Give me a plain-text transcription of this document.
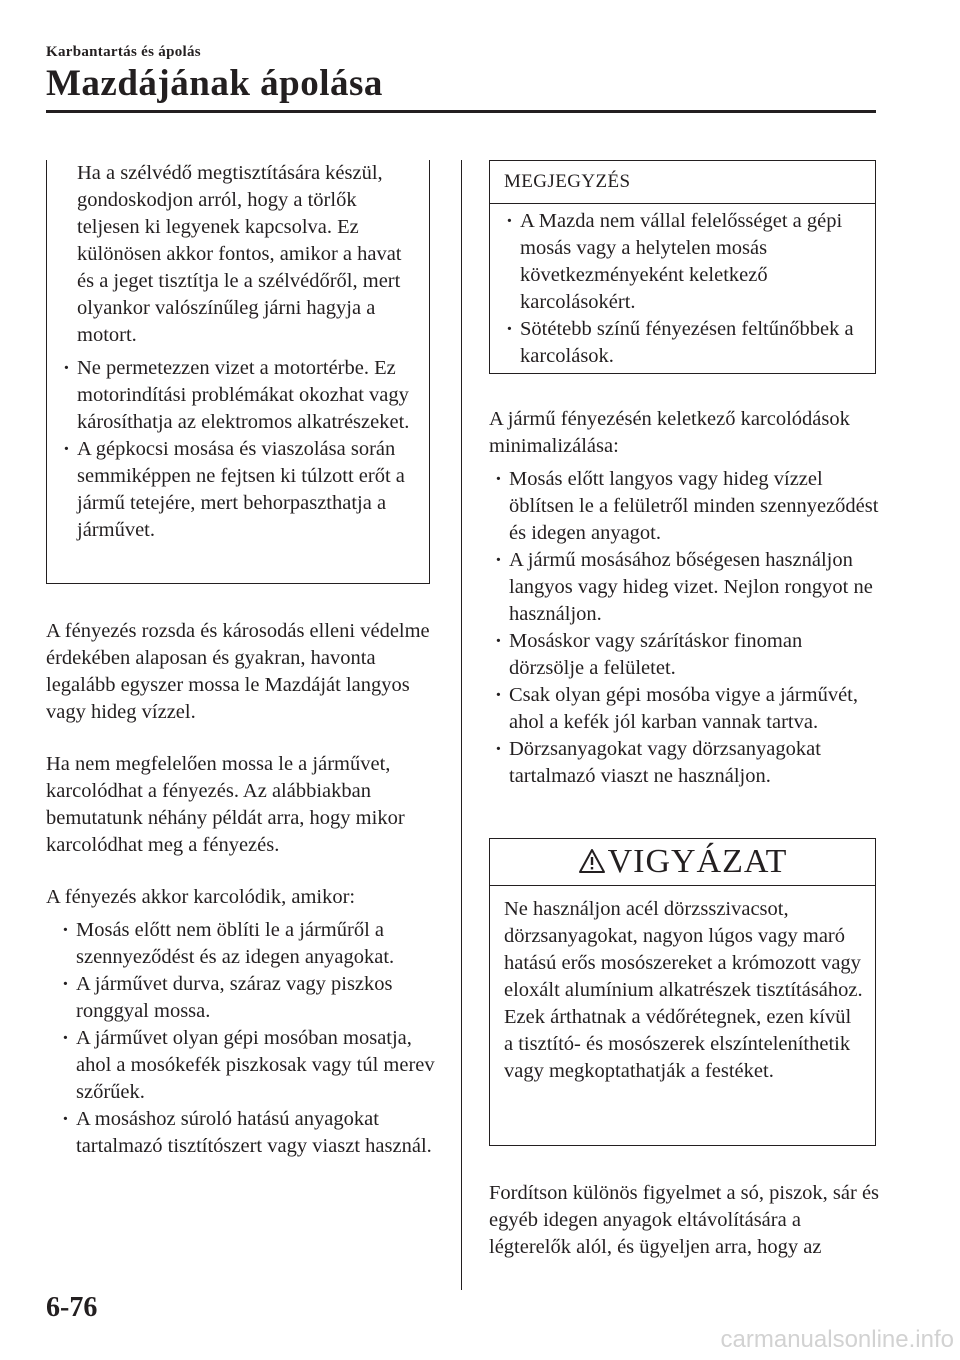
Karbantartás és ápolás
Mazdájának ápolása

Ha a szélvédő megtisztítására készül, gondoskodjon arról, hogy a törlők teljesen ki legyenek kapcsolva. Ez különösen akkor fontos, amikor a havat és a jeget tisztítja le a szélvédőről, mert olyankor valószínűleg járni hagyja a motort.

· Ne permetezzen vizet a motortérbe. Ez motorindítási problémákat okozhat vagy károsíthatja az elektromos alkatrészeket.
· A gépkocsi mosása és viaszolása során semmiképpen ne fejtsen ki túlzott erőt a jármű tetejére, mert behorpaszthatja a járművet.

A fényezés rozsda és károsodás elleni védelme érdekében alaposan és gyakran, havonta legalább egyszer mossa le Mazdáját langyos vagy hideg vízzel.

Ha nem megfelelően mossa le a járművet, karcolódhat a fényezés. Az alábbiakban bemutatunk néhány példát arra, hogy mikor karcolódhat meg a fényezés.

A fényezés akkor karcolódik, amikor:

· Mosás előtt nem öblíti le a járműről a szennyeződést és az idegen anyagokat.
· A járművet durva, száraz vagy piszkos ronggyal mossa.
· A járművet olyan gépi mosóban mosatja, ahol a mosókefék piszkosak vagy túl merev szőrűek.
· A mosáshoz súroló hatású anyagokat tartalmazó tisztítószert vagy viaszt használ.
MEGJEGYZÉS
· A Mazda nem vállal felelősséget a gépi mosás vagy a helytelen mosás következményeként keletkező karcolásokért.
· Sötétebb színű fényezésen feltűnőbbek a karcolások.

A jármű fényezésén keletkező karcolódások minimalizálása:

· Mosás előtt langyos vagy hideg vízzel öblítsen le a felületről minden szennyeződést és idegen anyagot.
· A jármű mosásához bőségesen használjon langyos vagy hideg vizet. Nejlon rongyot ne használjon.
· Mosáskor vagy szárításkor finoman dörzsölje a felületet.
· Csak olyan gépi mosóba vigye a járművét, ahol a kefék jól karban vannak tartva.
· Dörzsanyagokat vagy dörzsanyagokat tartalmazó viaszt ne használjon.
VIGYÁZAT

Ne használjon acél dörzsszivacsot, dörzsanyagokat, nagyon lúgos vagy maró hatású erős mosószereket a krómozott vagy eloxált alumínium alkatrészek tisztításához. Ezek árthatnak a védőrétegnek, ezen kívül a tisztító- és mosószerek elszínteleníthetik vagy megkoptathatják a festéket.

Fordítson különös figyelmet a só, piszok, sár és egyéb idegen anyagok eltávolítására a légterelők alól, és ügyeljen arra, hogy az

6-76
carmanualsonline.info
